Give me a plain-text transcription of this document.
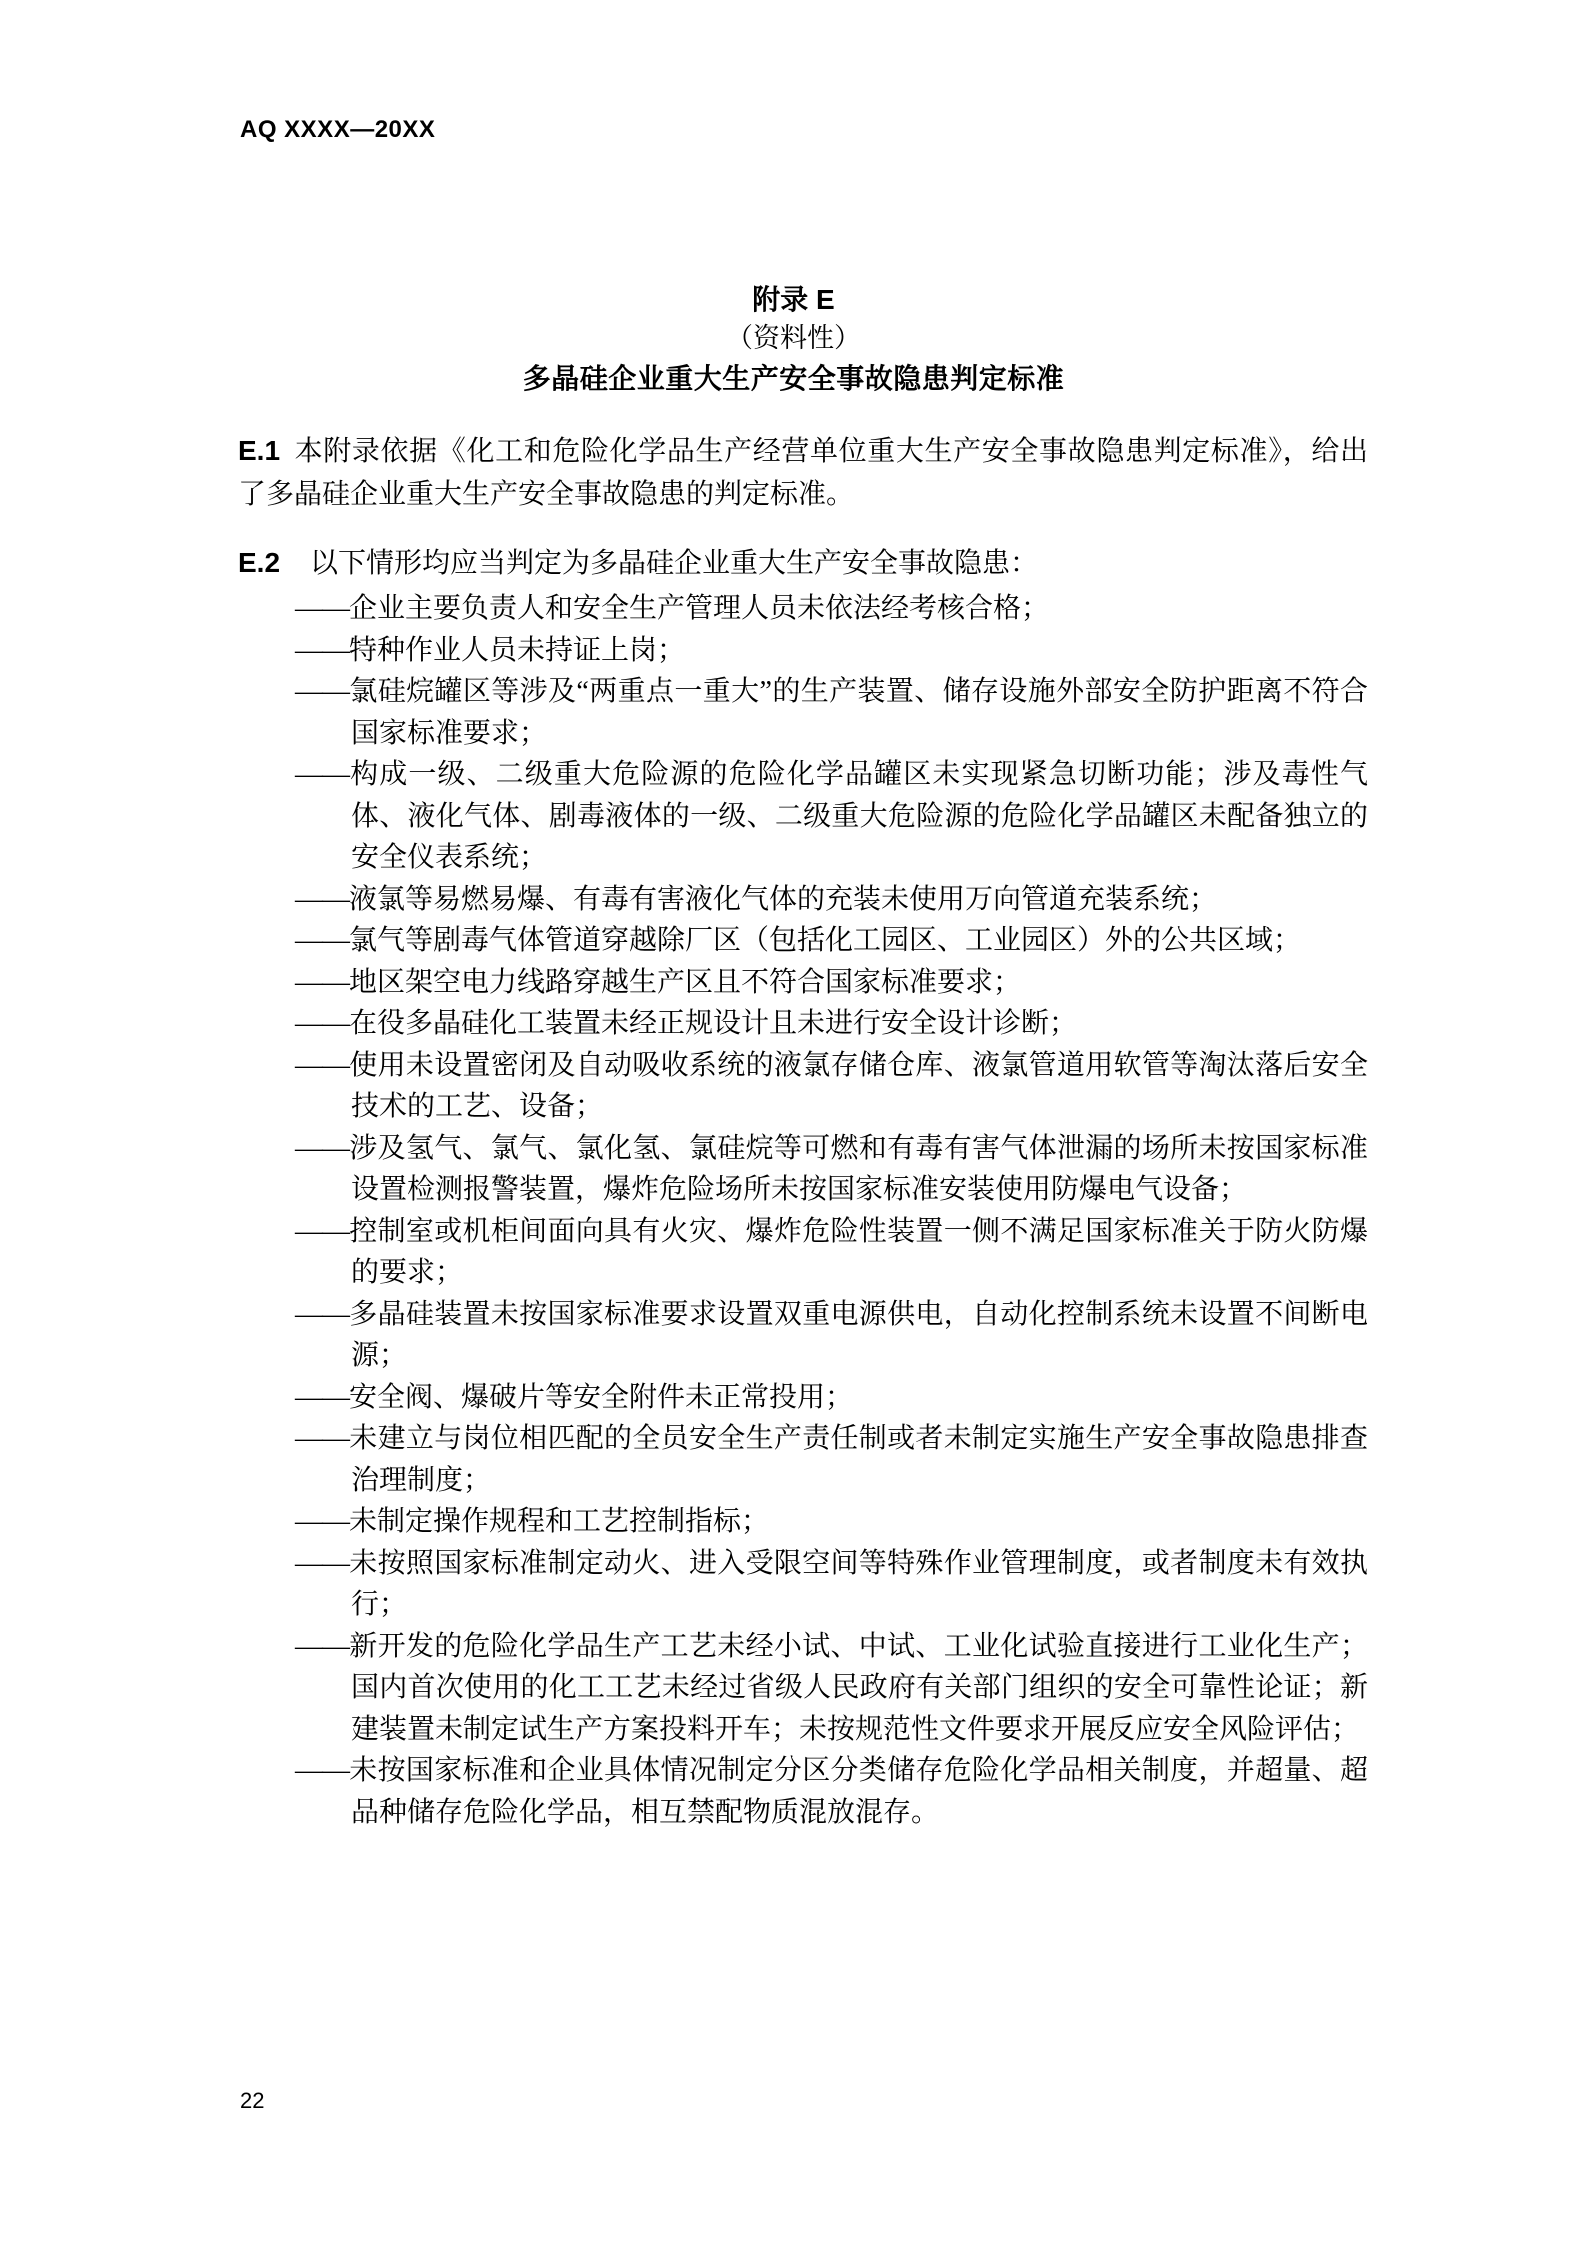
AQ XXXX—20XX
附录 E
（资料性）
多晶硅企业重大生产安全事故隐患判定标准

E.1 本附录依据《化工和危险化学品生产经营单位重大生产安全事故隐患判定标准》，给出了多晶硅企业重大生产安全事故隐患的判定标准。

E.2 以下情形均应当判定为多晶硅企业重大生产安全事故隐患：

——企业主要负责人和安全生产管理人员未依法经考核合格；
——特种作业人员未持证上岗；
——氯硅烷罐区等涉及“两重点一重大”的生产装置、储存设施外部安全防护距离不符合国家标准要求；
——构成一级、二级重大危险源的危险化学品罐区未实现紧急切断功能；涉及毒性气体、液化气体、剧毒液体的一级、二级重大危险源的危险化学品罐区未配备独立的安全仪表系统；
——液氯等易燃易爆、有毒有害液化气体的充装未使用万向管道充装系统；
——氯气等剧毒气体管道穿越除厂区（包括化工园区、工业园区）外的公共区域；
——地区架空电力线路穿越生产区且不符合国家标准要求；
——在役多晶硅化工装置未经正规设计且未进行安全设计诊断；
——使用未设置密闭及自动吸收系统的液氯存储仓库、液氯管道用软管等淘汰落后安全技术的工艺、设备；
——涉及氢气、氯气、氯化氢、氯硅烷等可燃和有毒有害气体泄漏的场所未按国家标准设置检测报警装置，爆炸危险场所未按国家标准安装使用防爆电气设备；
——控制室或机柜间面向具有火灾、爆炸危险性装置一侧不满足国家标准关于防火防爆的要求；
——多晶硅装置未按国家标准要求设置双重电源供电，自动化控制系统未设置不间断电源；
——安全阀、爆破片等安全附件未正常投用；
——未建立与岗位相匹配的全员安全生产责任制或者未制定实施生产安全事故隐患排查治理制度；
——未制定操作规程和工艺控制指标；
——未按照国家标准制定动火、进入受限空间等特殊作业管理制度，或者制度未有效执行；
——新开发的危险化学品生产工艺未经小试、中试、工业化试验直接进行工业化生产；国内首次使用的化工工艺未经过省级人民政府有关部门组织的安全可靠性论证；新建装置未制定试生产方案投料开车；未按规范性文件要求开展反应安全风险评估；
——未按国家标准和企业具体情况制定分区分类储存危险化学品相关制度，并超量、超品种储存危险化学品，相互禁配物质混放混存。
22
